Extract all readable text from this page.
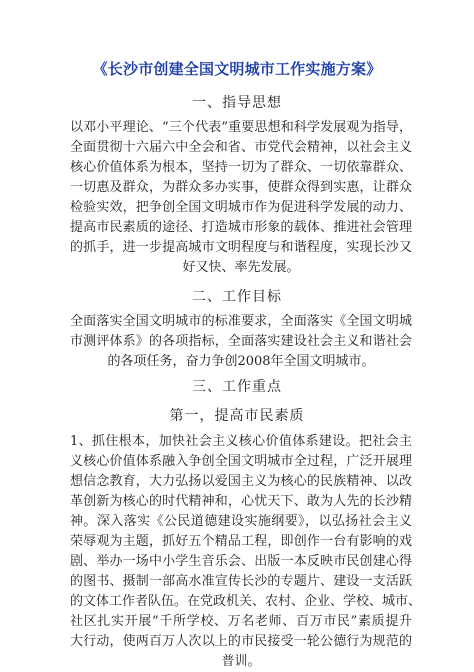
《长沙市创建全国文明城市工作实施方案》
一、指导思想
以邓小平理论、“三个代表”重要思想和科学发展观为指导，
全面贯彻十六届六中全会和省、市党代会精神，以社会主义
核心价值体系为根本，坚持一切为了群众、一切依靠群众、
一切惠及群众，为群众多办实事，使群众得到实惠，让群众
检验实效，把争创全国文明城市作为促进科学发展的动力、
提高市民素质的途径、打造城市形象的载体、推进社会管理
的抓手，进一步提高城市文明程度与和谐程度，实现长沙又
好又快、率先发展。
二、工作目标
全面落实全国文明城市的标准要求，全面落实《全国文明城
市测评体系》的各项指标，全面落实建设社会主义和谐社会
的各项任务，奋力争创2008年全国文明城市。
三、工作重点
第一，提高市民素质
1、抓住根本，加快社会主义核心价值体系建设。把社会主
义核心价值体系融入争创全国文明城市全过程，广泛开展理
想信念教育，大力弘扬以爱国主义为核心的民族精神、以改
革创新为核心的时代精神和，心忧天下、敢为人先的长沙精
神。深入落实《公民道德建设实施纲要》，以弘扬社会主义
荣辱观为主题，抓好五个精品工程，即创作一台有影响的戏
剧、举办一场中小学生音乐会、出版一本反映市民创建心得
的图书、摄制一部高水准宣传长沙的专题片、建设一支活跃
的文体工作者队伍。在党政机关、农村、企业、学校、城市、
社区扎实开展“千所学校、万名老师、百万市民”素质提升
大行动，使两百万人次以上的市民接受一轮公德行为规范的
普训。
